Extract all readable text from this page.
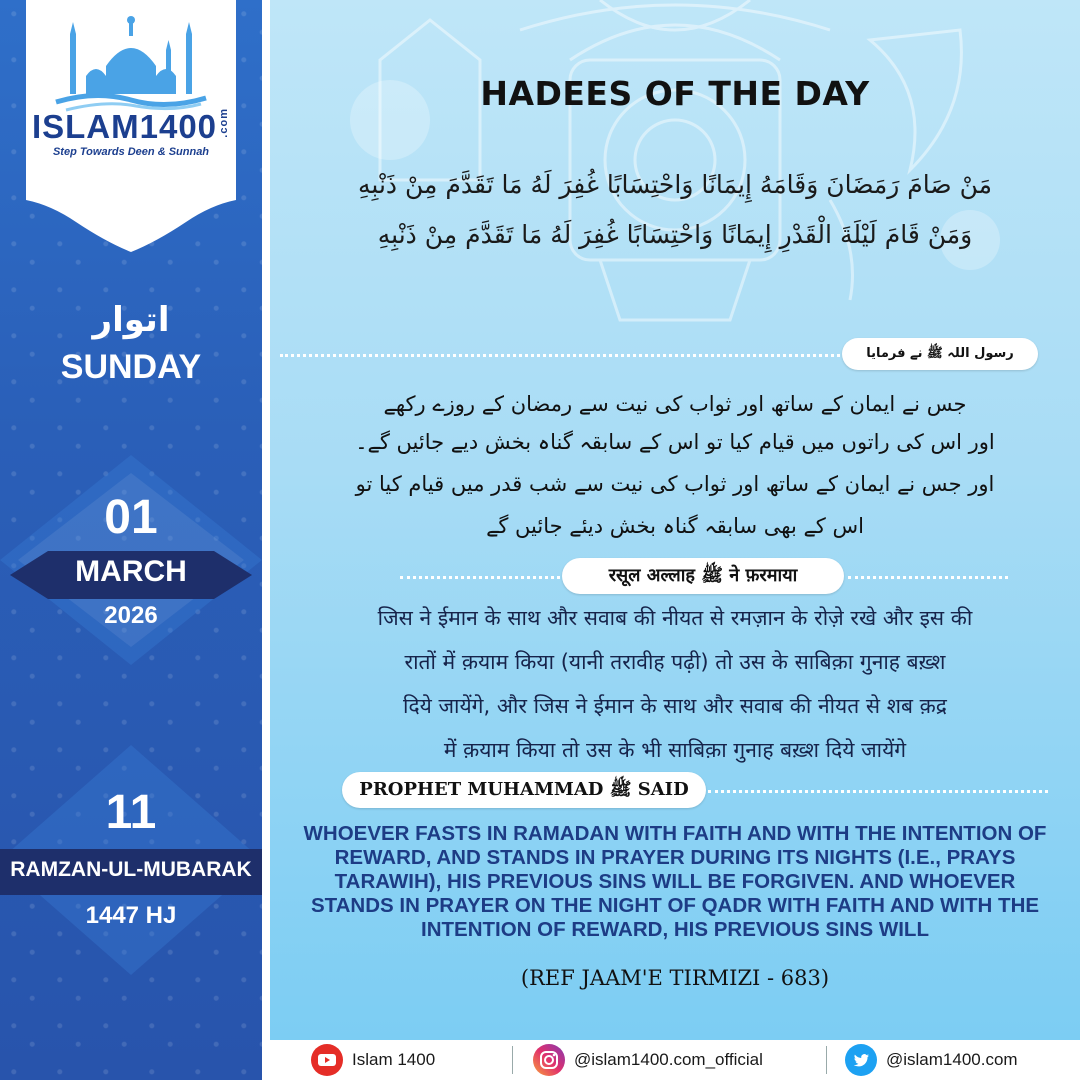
ISLAM1400.com
Step Towards Deen & Sunnah
اتوار
SUNDAY
01
MARCH
2026
11
RAMZAN-UL-MUBARAK
1447 HJ
HADEES OF THE DAY
مَنْ صَامَ رَمَضَانَ وَقَامَهُ إِيمَانًا وَاحْتِسَابًا غُفِرَ لَهُ مَا تَقَدَّمَ مِنْ ذَنْبِهِ
وَمَنْ قَامَ لَيْلَةَ الْقَدْرِ إِيمَانًا وَاحْتِسَابًا غُفِرَ لَهُ مَا تَقَدَّمَ مِنْ ذَنْبِهِ
رسول اللہ ﷺ نے فرمایا
جس نے ایمان کے ساتھ اور ثواب کی نیت سے رمضان کے روزے رکھے
اور اس کی راتوں میں قیام کیا تو اس کے سابقہ گناہ بخش دیے جائیں گے۔
اور جس نے ایمان کے ساتھ اور ثواب کی نیت سے شب قدر میں قیام کیا تو
اس کے بھی سابقہ گناہ بخش دیئے جائیں گے
रसूल अल्लाह ﷺ ने फ़रमाया
जिस ने ईमान के साथ और सवाब की नीयत से रमज़ान के रोज़े रखे और इस की
रातों में क़याम किया (यानी तरावीह पढ़ी) तो उस के साबिक़ा गुनाह बख़्श
दिये जायेंगे, और जिस ने ईमान के साथ और सवाब की नीयत से शब क़द्र
में क़याम किया तो उस के भी साबिक़ा गुनाह बख़्श दिये जायेंगे
PROPHET MUHAMMAD ﷺ SAID
WHOEVER FASTS IN RAMADAN WITH FAITH AND WITH THE INTENTION OF REWARD, AND STANDS IN PRAYER DURING ITS NIGHTS (I.E., PRAYS TARAWIH), HIS PREVIOUS SINS WILL BE FORGIVEN. AND WHOEVER STANDS IN PRAYER ON THE NIGHT OF QADR WITH FAITH AND WITH THE INTENTION OF REWARD, HIS PREVIOUS SINS WILL
(REF JAAM'E TIRMIZI - 683)
Islam 1400	@islam1400.com_official	@islam1400.com
